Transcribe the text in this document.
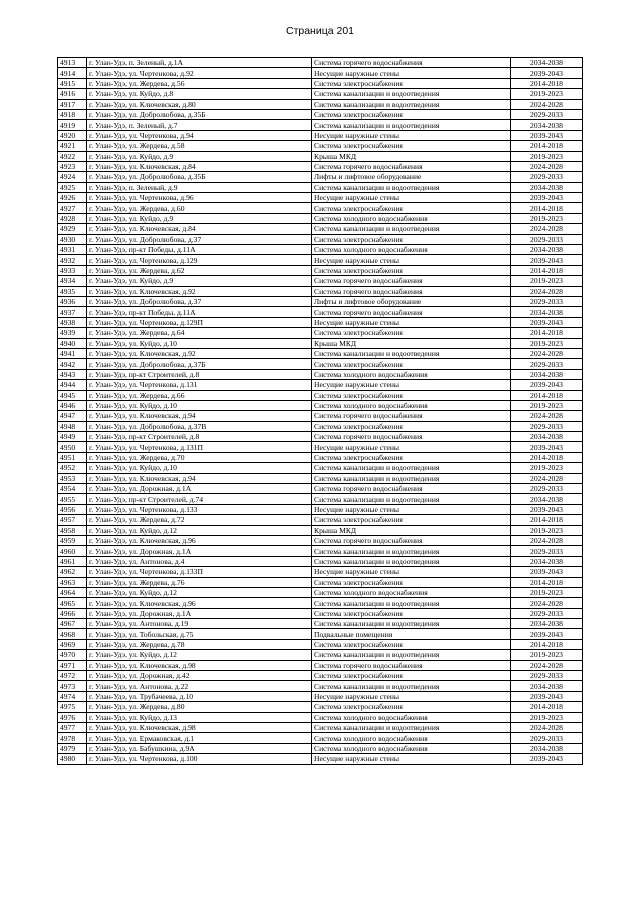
Страница 201
4913	г. Улан-Удэ, п. Зеленый, д.1А	Система горячего водоснабжения	2034-2038
4914	г. Улан-Удэ, ул. Чертенкова, д.92	Несущие наружные стены	2039-2043
4915	г. Улан-Удэ, ул. Жердева, д.56	Система электроснабжения	2014-2018
4916	г. Улан-Удэ, ул. Куйдо, д.8	Система канализации и водоотведения	2019-2023
4917	г. Улан-Удэ, ул. Ключевская, д.80	Система канализации и водоотведения	2024-2028
4918	г. Улан-Удэ, ул. Добролюбова, д.35Б	Система электроснабжения	2029-2033
4919	г. Улан-Удэ, п. Зеленый, д.7	Система канализации и водоотведения	2034-2038
4920	г. Улан-Удэ, ул. Чертенкова, д.94	Несущие наружные стены	2039-2043
4921	г. Улан-Удэ, ул. Жердева, д.58	Система электроснабжения	2014-2018
4922	г. Улан-Удэ, ул. Куйдо, д.9	Крыша МКД	2019-2023
4923	г. Улан-Удэ, ул. Ключевская, д.84	Система горячего водоснабжения	2024-2028
4924	г. Улан-Удэ, ул. Добролюбова, д.35Б	Лифты и лифтовое оборудование	2029-2033
4925	г. Улан-Удэ, п. Зеленый, д.9	Система канализации и водоотведения	2034-2038
4926	г. Улан-Удэ, ул. Чертенкова, д.96	Несущие наружные стены	2039-2043
4927	г. Улан-Удэ, ул. Жердева, д.60	Система электроснабжения	2014-2018
4928	г. Улан-Удэ, ул. Куйдо, д.9	Система холодного водоснабжения	2019-2023
4929	г. Улан-Удэ, ул. Ключевская, д.84	Система канализации и водоотведения	2024-2028
4930	г. Улан-Удэ, ул. Добролюбова, д.37	Система электроснабжения	2029-2033
4931	г. Улан-Удэ, пр-кт Победы, д.11А	Система холодного водоснабжения	2034-2038
4932	г. Улан-Удэ, ул. Чертенкова, д.129	Несущие наружные стены	2039-2043
4933	г. Улан-Удэ, ул. Жердева, д.62	Система электроснабжения	2014-2018
4934	г. Улан-Удэ, ул. Куйдо, д.9	Система горячего водоснабжения	2019-2023
4935	г. Улан-Удэ, ул. Ключевская, д.92	Система горячего водоснабжения	2024-2028
4936	г. Улан-Удэ, ул. Добролюбова, д.37	Лифты и лифтовое оборудование	2029-2033
4937	г. Улан-Удэ, пр-кт Победы, д.11А	Система горячего водоснабжения	2034-2038
4938	г. Улан-Удэ, ул. Чертенкова, д.129П	Несущие наружные стены	2039-2043
4939	г. Улан-Удэ, ул. Жердева, д.64	Система электроснабжения	2014-2018
4940	г. Улан-Удэ, ул. Куйдо, д.10	Крыша МКД	2019-2023
4941	г. Улан-Удэ, ул. Ключевская, д.92	Система канализации и водоотведения	2024-2028
4942	г. Улан-Удэ, ул. Добролюбова, д.37Б	Система электроснабжения	2029-2033
4943	г. Улан-Удэ, пр-кт Строителей, д.8	Система холодного водоснабжения	2034-2038
4944	г. Улан-Удэ, ул. Чертенкова, д.131	Несущие наружные стены	2039-2043
4945	г. Улан-Удэ, ул. Жердева, д.66	Система электроснабжения	2014-2018
4946	г. Улан-Удэ, ул. Куйдо, д.10	Система холодного водоснабжения	2019-2023
4947	г. Улан-Удэ, ул. Ключевская, д.94	Система горячего водоснабжения	2024-2028
4948	г. Улан-Удэ, ул. Добролюбова, д.37В	Система электроснабжения	2029-2033
4949	г. Улан-Удэ, пр-кт Строителей, д.8	Система горячего водоснабжения	2034-2038
4950	г. Улан-Удэ, ул. Чертенкова, д.131П	Несущие наружные стены	2039-2043
4951	г. Улан-Удэ, ул. Жердева, д.70	Система электроснабжения	2014-2018
4952	г. Улан-Удэ, ул. Куйдо, д.10	Система канализации и водоотведения	2019-2023
4953	г. Улан-Удэ, ул. Ключевская, д.94	Система канализации и водоотведения	2024-2028
4954	г. Улан-Удэ, ул. Дорожная, д.1А	Система горячего водоснабжения	2029-2033
4955	г. Улан-Удэ, пр-кт Строителей, д.74	Система канализации и водоотведения	2034-2038
4956	г. Улан-Удэ, ул. Чертенкова, д.133	Несущие наружные стены	2039-2043
4957	г. Улан-Удэ, ул. Жердева, д.72	Система электроснабжения	2014-2018
4958	г. Улан-Удэ, ул. Куйдо, д.12	Крыша МКД	2019-2023
4959	г. Улан-Удэ, ул. Ключевская, д.96	Система горячего водоснабжения	2024-2028
4960	г. Улан-Удэ, ул. Дорожная, д.1А	Система канализации и водоотведения	2029-2033
4961	г. Улан-Удэ, ул. Антонова, д.4	Система канализации и водоотведения	2034-2038
4962	г. Улан-Удэ, ул. Чертенкова, д.133П	Несущие наружные стены	2039-2043
4963	г. Улан-Удэ, ул. Жердева, д.76	Система электроснабжения	2014-2018
4964	г. Улан-Удэ, ул. Куйдо, д.12	Система холодного водоснабжения	2019-2023
4965	г. Улан-Удэ, ул. Ключевская, д.96	Система канализации и водоотведения	2024-2028
4966	г. Улан-Удэ, ул. Дорожная, д.1А	Система электроснабжения	2029-2033
4967	г. Улан-Удэ, ул. Антонова, д.19	Система канализации и водоотведения	2034-2038
4968	г. Улан-Удэ, ул. Тобольская, д.75	Подвальные помещения	2039-2043
4969	г. Улан-Удэ, ул. Жердева, д.78	Система электроснабжения	2014-2018
4970	г. Улан-Удэ, ул. Куйдо, д.12	Система канализации и водоотведения	2019-2023
4971	г. Улан-Удэ, ул. Ключевская, д.98	Система горячего водоснабжения	2024-2028
4972	г. Улан-Удэ, ул. Дорожная, д.42	Система электроснабжения	2029-2033
4973	г. Улан-Удэ, ул. Антонова, д.22	Система канализации и водоотведения	2034-2038
4974	г. Улан-Удэ, ул. Трубачеева, д.10	Несущие наружные стены	2039-2043
4975	г. Улан-Удэ, ул. Жердева, д.80	Система электроснабжения	2014-2018
4976	г. Улан-Удэ, ул. Куйдо, д.13	Система холодного водоснабжения	2019-2023
4977	г. Улан-Удэ, ул. Ключевская, д.98	Система канализации и водоотведения	2024-2028
4978	г. Улан-Удэ, ул. Ермаковская, д.1	Система холодного водоснабжения	2029-2033
4979	г. Улан-Удэ, ул. Бабушкина, д.9А	Система холодного водоснабжения	2034-2038
4980	г. Улан-Удэ, ул. Чертенкова, д.100	Несущие наружные стены	2039-2043
